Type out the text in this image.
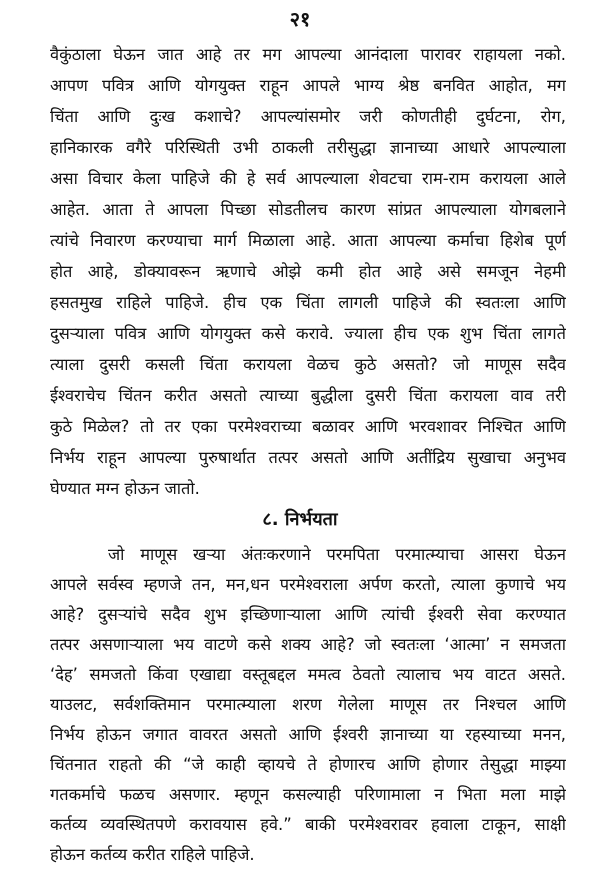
२१
वैकुंठाला घेऊन जात आहे तर मग आपल्या आनंदाला पारावर राहायला नको.
आपण पवित्र आणि योगयुक्त राहून आपले भाग्य श्रेष्ठ बनवित आहोत, मग
चिंता आणि दुःख कशाचे? आपल्यांसमोर जरी कोणतीही दुर्घटना, रोग,
हानिकारक वगैरे परिस्थिती उभी ठाकली तरीसुद्धा ज्ञानाच्या आधारे आपल्याला
असा विचार केला पाहिजे की हे सर्व आपल्याला शेवटचा राम-राम करायला आले
आहेत. आता ते आपला पिच्छा सोडतीलच कारण सांप्रत आपल्याला योगबलाने
त्यांचे निवारण करण्याचा मार्ग मिळाला आहे. आता आपल्या कर्माचा हिशेब पूर्ण
होत आहे, डोक्यावरून ऋणाचे ओझे कमी होत आहे असे समजून नेहमी
हसतमुख राहिले पाहिजे. हीच एक चिंता लागली पाहिजे की स्वतःला आणि
दुसऱ्याला पवित्र आणि योगयुक्त कसे करावे. ज्याला हीच एक शुभ चिंता लागते
त्याला दुसरी कसली चिंता करायला वेळच कुठे असतो? जो माणूस सदैव
ईश्वराचेच चिंतन करीत असतो त्याच्या बुद्धीला दुसरी चिंता करायला वाव तरी
कुठे मिळेल? तो तर एका परमेश्वराच्या बळावर आणि भरवशावर निश्चित आणि
निर्भय राहून आपल्या पुरुषार्थात तत्पर असतो आणि अतींद्रिय सुखाचा अनुभव
घेण्यात मग्न होऊन जातो.
८. निर्भयता
जो माणूस खऱ्या अंतःकरणाने परमपिता परमात्म्याचा आसरा घेऊन
आपले सर्वस्व म्हणजे तन, मन,धन परमेश्वराला अर्पण करतो, त्याला कुणाचे भय
आहे? दुसऱ्यांचे सदैव शुभ इच्छिणाऱ्याला आणि त्यांची ईश्वरी सेवा करण्यात
तत्पर असणाऱ्याला भय वाटणे कसे शक्य आहे? जो स्वतःला ‘आत्मा’ न समजता
‘देह’ समजतो किंवा एखाद्या वस्तूबद्दल ममत्व ठेवतो त्यालाच भय वाटत असते.
याउलट, सर्वशक्तिमान परमात्म्याला शरण गेलेला माणूस तर निश्चल आणि
निर्भय होऊन जगात वावरत असतो आणि ईश्वरी ज्ञानाच्या या रहस्याच्या मनन,
चिंतनात राहतो की “जे काही व्हायचे ते होणारच आणि होणार तेसुद्धा माझ्या
गतकर्माचे फळच असणार. म्हणून कसल्याही परिणामाला न भिता मला माझे
कर्तव्य व्यवस्थितपणे करावयास हवे.” बाकी परमेश्वरावर हवाला टाकून, साक्षी
होऊन कर्तव्य करीत राहिले पाहिजे.
